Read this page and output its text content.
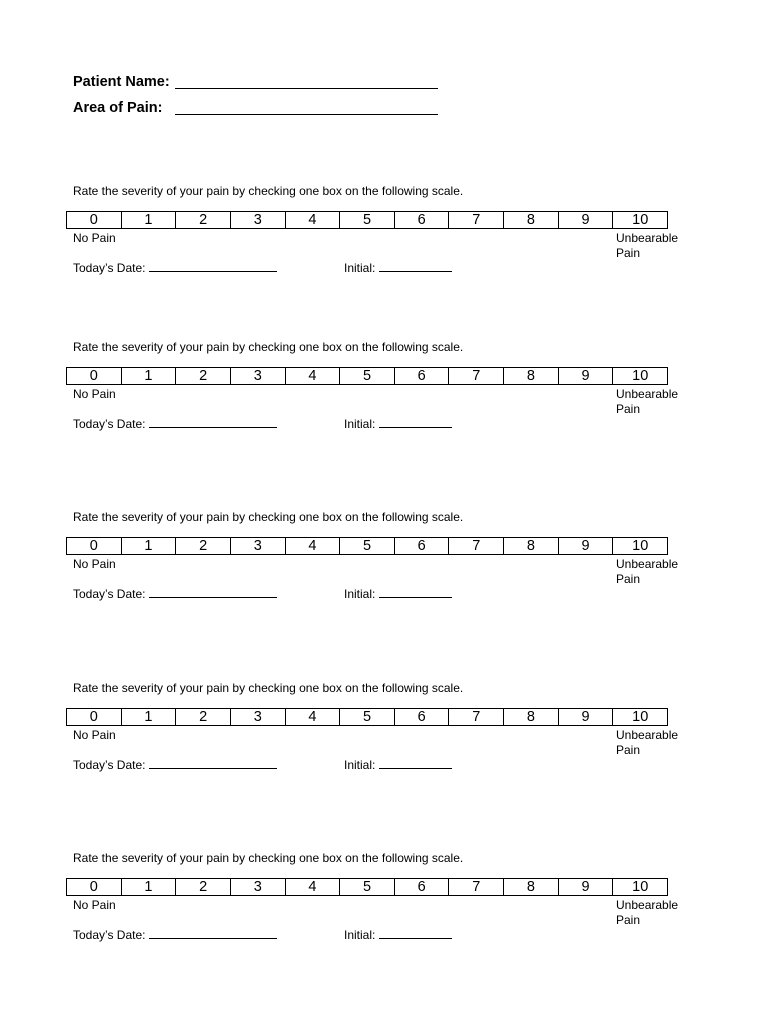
Patient Name:
Area of Pain:
Rate the severity of your pain by checking one box on the following scale.
0	1	2	3	4	5	6	7	8	9	10
No Pain	Unbearable
Pain
Today’s Date:	Initial:
Rate the severity of your pain by checking one box on the following scale.
0	1	2	3	4	5	6	7	8	9	10
No Pain	Unbearable
Pain
Today’s Date:	Initial:
Rate the severity of your pain by checking one box on the following scale.
0	1	2	3	4	5	6	7	8	9	10
No Pain	Unbearable
Pain
Today’s Date:	Initial:
Rate the severity of your pain by checking one box on the following scale.
0	1	2	3	4	5	6	7	8	9	10
No Pain	Unbearable
Pain
Today’s Date:	Initial:
Rate the severity of your pain by checking one box on the following scale.
0	1	2	3	4	5	6	7	8	9	10
No Pain	Unbearable
Pain
Today’s Date:	Initial:
